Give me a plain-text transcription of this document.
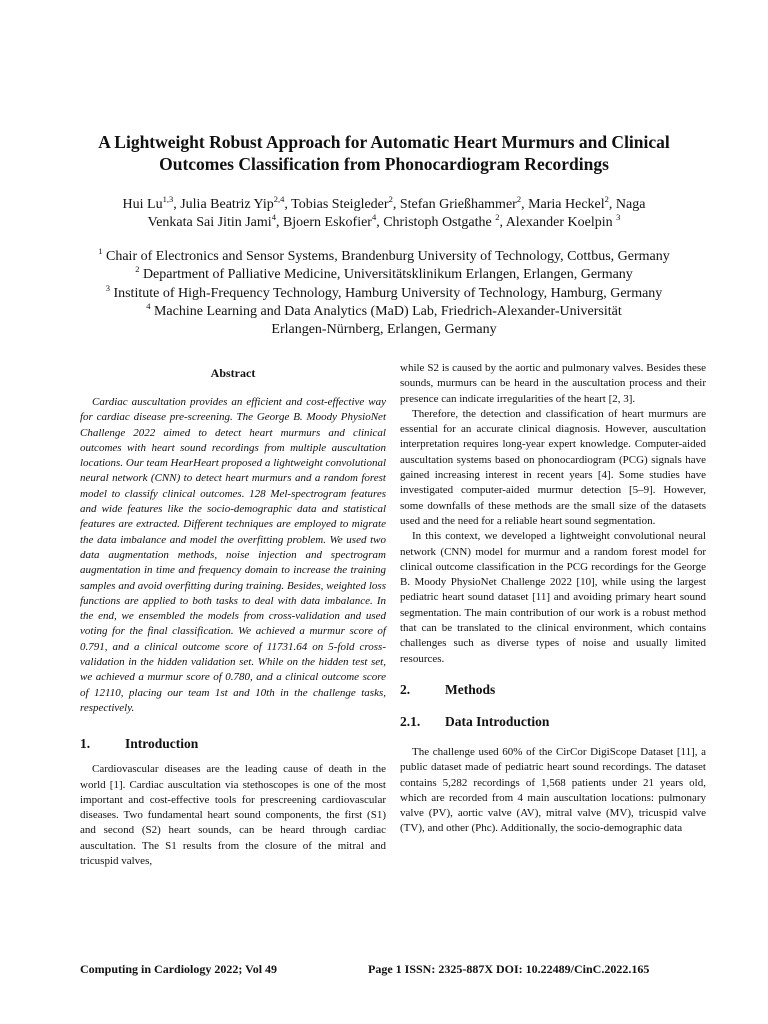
A Lightweight Robust Approach for Automatic Heart Murmurs and Clinical
Outcomes Classification from Phonocardiogram Recordings
Hui Lu$^{1,3}$, Julia Beatriz Yip$^{2,4}$, Tobias Steigleder$^2$, Stefan Grießhammer$^2$, Maria Heckel$^2$, Naga
Venkata Sai Jitin Jami$^4$, Bjoern Eskofier$^4$, Christoph Ostgathe $^2$, Alexander Koelpin $^3$
$^1$ Chair of Electronics and Sensor Systems, Brandenburg University of Technology, Cottbus, Germany
$^2$ Department of Palliative Medicine, Universitätsklinikum Erlangen, Erlangen, Germany
$^3$ Institute of High-Frequency Technology, Hamburg University of Technology, Hamburg, Germany
$^4$ Machine Learning and Data Analytics (MaD) Lab, Friedrich-Alexander-Universität
Erlangen-Nürnberg, Erlangen, Germany
Abstract

Cardiac auscultation provides an efficient and cost-effective way for cardiac disease pre-screening. The George B. Moody PhysioNet Challenge 2022 aimed to detect heart murmurs and clinical outcomes with heart sound recordings from multiple auscultation locations. Our team HearHeart proposed a lightweight convolutional neural network (CNN) to detect heart murmurs and a random forest model to classify clinical outcomes. 128 Mel-spectrogram features and wide features like the socio-demographic data and statistical features are extracted. Different techniques are employed to migrate the data imbalance and model the overfitting problem. We used two data augmentation methods, noise injection and spectrogram augmentation in time and frequency domain to increase the training samples and avoid overfitting during training. Besides, weighted loss functions are applied to both tasks to deal with data imbalance. In the end, we ensembled the models from cross-validation and used voting for the final classification. We achieved a murmur score of 0.791, and a clinical outcome score of 11731.64 on 5-fold cross-validation in the hidden validation set. While on the hidden test set, we achieved a murmur score of 0.780, and a clinical outcome score of 12110, placing our team 1st and 10th in the challenge tasks, respectively.

1.	Introduction

Cardiovascular diseases are the leading cause of death in the world [1]. Cardiac auscultation via stethoscopes is one of the most important and cost-effective tools for prescreening cardiovascular diseases. Two fundamental heart sound components, the first (S1) and second (S2) heart sounds, can be heard through cardiac auscultation. The S1 results from the closure of the mitral and tricuspid valves,

while S2 is caused by the aortic and pulmonary valves. Besides these sounds, murmurs can be heard in the auscultation process and their presence can indicate irregularities of the heart [2, 3].

Therefore, the detection and classification of heart murmurs are essential for an accurate clinical diagnosis. However, auscultation interpretation requires long-year expert knowledge. Computer-aided auscultation systems based on phonocardiogram (PCG) signals have gained increasing interest in recent years [4]. Some studies have investigated computer-aided murmur detection [5–9]. However, some downfalls of these methods are the small size of the datasets used and the need for a reliable heart sound segmentation.

In this context, we developed a lightweight convolutional neural network (CNN) model for murmur and a random forest model for clinical outcome classification in the PCG recordings for the George B. Moody PhysioNet Challenge 2022 [10], while using the largest pediatric heart sound dataset [11] and avoiding primary heart sound segmentation. The main contribution of our work is a robust method that can be translated to the clinical environment, which contains challenges such as diverse types of noise and usually limited resources.

2.	Methods
2.1.	Data Introduction

The challenge used 60% of the CirCor DigiScope Dataset [11], a public dataset made of pediatric heart sound recordings. The dataset contains 5,282 recordings of 1,568 patients under 21 years old, which are recorded from 4 main auscultation locations: pulmonary valve (PV), aortic valve (AV), mitral valve (MV), tricuspid valve (TV), and other (Phc). Additionally, the socio-demographic data

Computing in Cardiology 2022; Vol 49	Page 1 ISSN: 2325-887X DOI: 10.22489/CinC.2022.165
